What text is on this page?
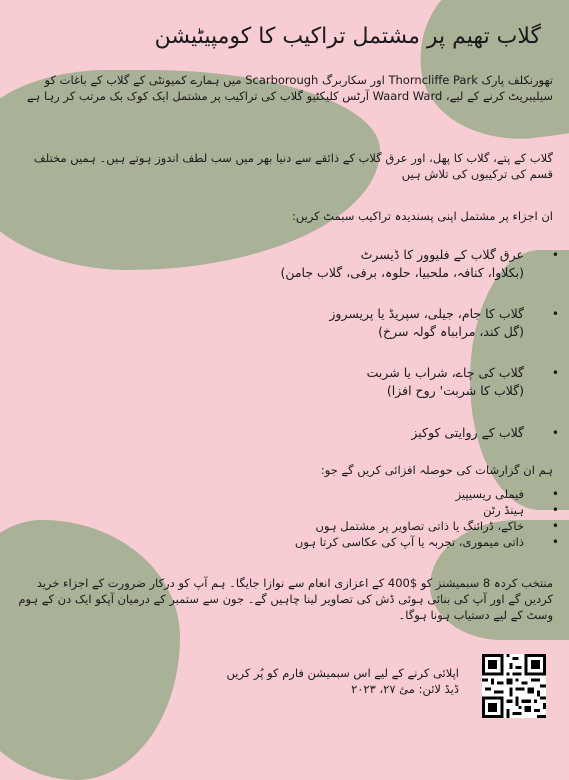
گلاب تھیم پر مشتمل تراکیب کا کومپیٹیشن

تھورنکلف پارک Thorncliffe Park اور سکاربرگ Scarborough میں ہمارے کمیونٹی کے گلاب کے باغات کو سیلیبریٹ کرنے کے لیے، Waard Ward آرٹس کلیکٹیو گلاب کی تراکیب پر مشتمل ایک کوک بک مرتب کر رہا ہے

گلاب کے پتے، گلاب کا پھل، اور عرق گلاب کے ذائقے سے دنیا بھر میں سب لطف اندوز ہوتے ہیں۔ ہمیں مختلف قسم کی ترکیبوں کی تلاش ہیں

ان اجزاء پر مشتمل اپنی پسندیدہ تراکیب سبمٹ کریں:

•
عرق گلاب کے فلیوور کا ڈیسرٹ
(بکلاوا، کنافہ، ملحبیا، حلوہ، برفی، گلاب جامن)
•
گلاب کا جام، جیلی، سپریڈ یا پریسروز
(گل کند، مرابباہ گولہ سرخ)
•
گلاب کی چاے، شراب یا شربت
(گلاب کا شربت' روح افزا)
•
گلاب کے روایتی کوکیز

ہم ان گزارشات کی حوصلہ افزائی کریں گے جو:

•
فیملی ریسیپیز
•
ہینڈ رٹن
•
خاکے، ڈرائنگ یا ذاتی تصاویر پر مشتمل ہوں
•
ذاتی میموری، تجربہ یا آپ کی عکاسی کرتا ہوں

منتخب کردہ 8 سبمیشنز کو $400 کے اعزازی انعام سے نوازا جایگا۔ ہم آپ کو درکار ضرورت کے اجزاء خرید کردیں گے اور آپ کی بنائی ہوئی ڈش کی تصاویر لینا چاہیں گے۔ جون سے ستمبر کے درمیان آپکو ایک دن کے ہوم وسٹ کے لیے دستیاب ہونا ہوگا۔

اپلائی کرنے کے لیے اس سبمیشن فارم کو پُر کریں
ڈیڈ لائن: مئ ۲۷، ۲۰۲۳
